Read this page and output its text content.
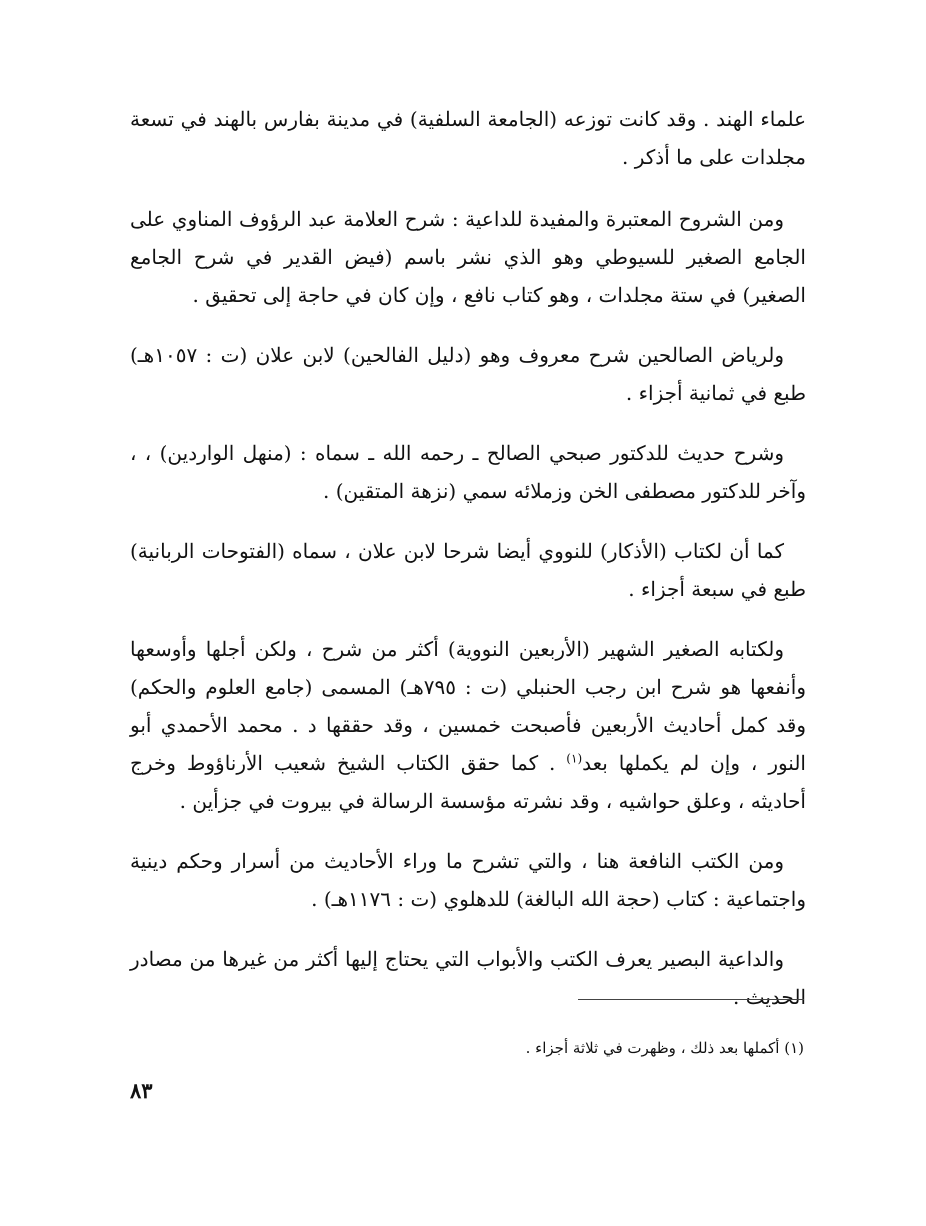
علماء الهند . وقد كانت توزعه (الجامعة السلفية) في مدينة بفارس بالهند في تسعة مجلدات على ما أذكر .

ومن الشروح المعتبرة والمفيدة للداعية : شرح العلامة عبد الرؤوف المناوي على الجامع الصغير للسيوطي وهو الذي نشر باسم (فيض القدير في شرح الجامع الصغير) في ستة مجلدات ، وهو كتاب نافع ، وإن كان في حاجة إلى تحقيق .

ولرياض الصالحين شرح معروف وهو (دليل الفالحين) لابن علان (ت : ١٠٥٧هـ) طبع في ثمانية أجزاء .

وشرح حديث للدكتور صبحي الصالح ـ رحمه الله ـ سماه : (منهل الواردين) ، ، وآخر للدكتور مصطفى الخن وزملائه سمي (نزهة المتقين) .

كما أن لكتاب (الأذكار) للنووي أيضا شرحا لابن علان ، سماه (الفتوحات الربانية) طبع في سبعة أجزاء .

ولكتابه الصغير الشهير (الأربعين النووية) أكثر من شرح ، ولكن أجلها وأوسعها وأنفعها هو شرح ابن رجب الحنبلي (ت : ٧٩٥هـ) المسمى (جامع العلوم والحكم) وقد كمل أحاديث الأربعين فأصبحت خمسين ، وقد حققها د . محمد الأحمدي أبو النور ، وإن لم يكملها بعد$^{(١)}$ . كما حقق الكتاب الشيخ شعيب الأرناؤوط وخرج أحاديثه ، وعلق حواشيه ، وقد نشرته مؤسسة الرسالة في بيروت في جزأين .

ومن الكتب النافعة هنا ، والتي تشرح ما وراء الأحاديث من أسرار وحكم دينية واجتماعية : كتاب (حجة الله البالغة) للدهلوي (ت : ١١٧٦هـ) .

والداعية البصير يعرف الكتب والأبواب التي يحتاج إليها أكثر من غيرها من مصادر الحديث .

(١) أكملها بعد ذلك ، وظهرت في ثلاثة أجزاء .
٨٣
